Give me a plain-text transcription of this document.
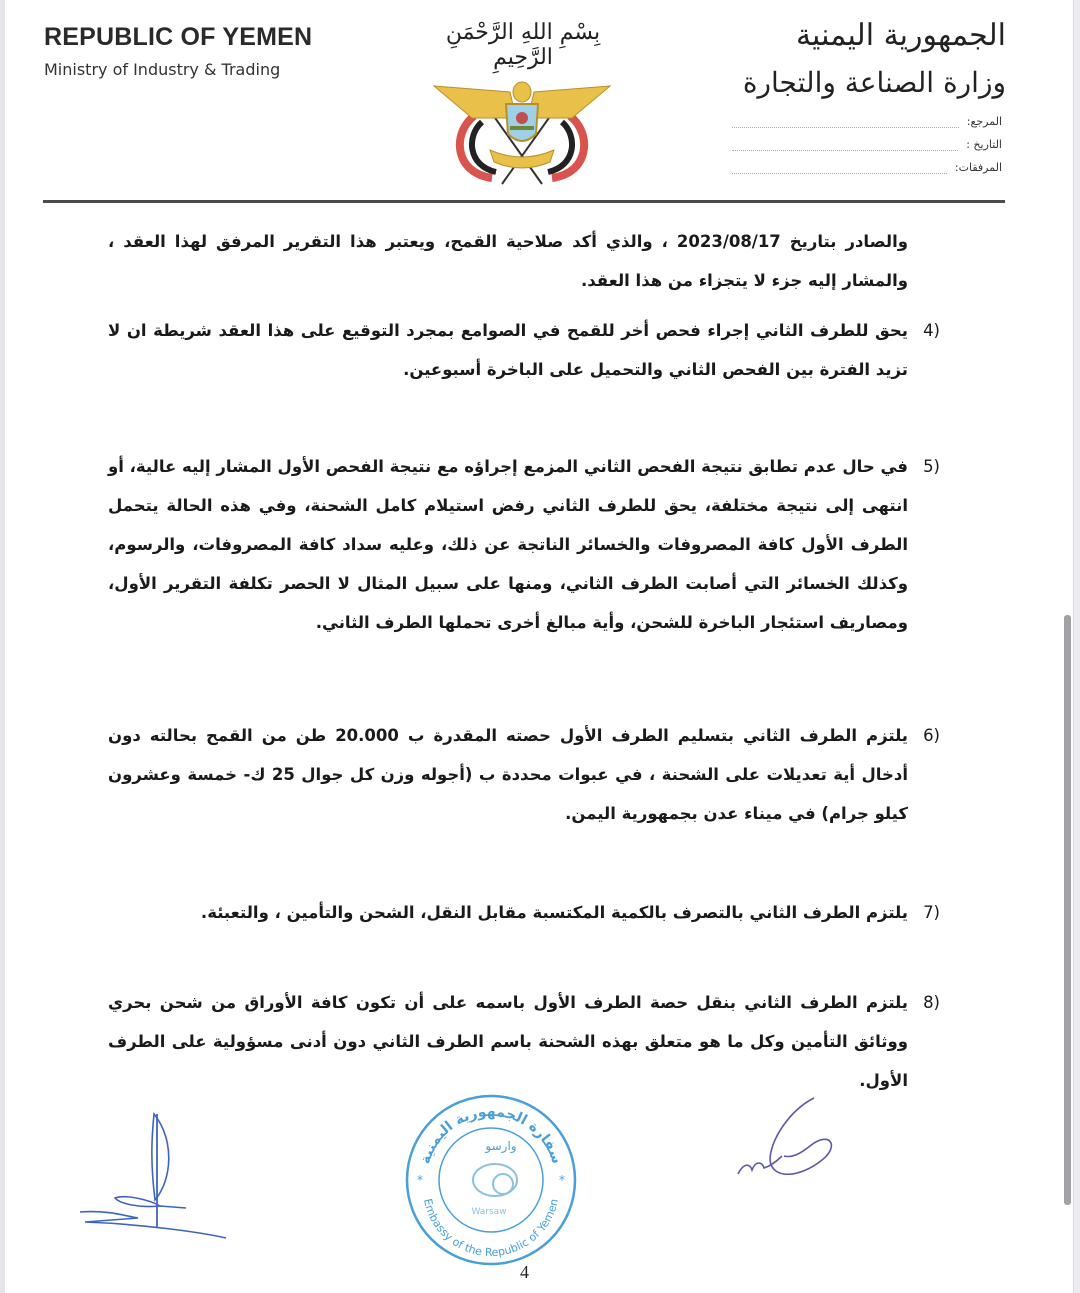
REPUBLIC OF YEMEN
Ministry of Industry & Trading
بِسْمِ اللهِ الرَّحْمَنِ الرَّحِيمِ
الجمهورية اليمنية
وزارة الصناعة والتجارة
المرجع:
التاريخ :
المرفقات:
والصادر بتاريخ 2023/08/17 ، والذي أكد صلاحية القمح، ويعتبر هذا التقرير المرفق لهذا العقد ، والمشار إليه جزء لا يتجزاء من هذا العقد.
4)
يحق للطرف الثاني إجراء فحص أخر للقمح في الصوامع بمجرد التوقيع على هذا العقد شريطة ان لا تزيد الفترة بين الفحص الثاني والتحميل على الباخرة أسبوعين.
5)
في حال عدم تطابق نتيجة الفحص الثاني المزمع إجراؤه مع نتيجة الفحص الأول المشار إليه عالية، أو انتهى إلى نتيجة مختلفة، يحق للطرف الثاني رفض استيلام كامل الشحنة، وفي هذه الحالة يتحمل الطرف الأول كافة المصروفات والخسائر الناتجة عن ذلك، وعليه سداد كافة المصروفات، والرسوم، وكذلك الخسائر التي أصابت الطرف الثاني، ومنها على سبيل المثال لا الحصر تكلفة التقرير الأول، ومصاريف استئجار الباخرة للشحن، وأية مبالغ أخرى تحملها الطرف الثاني.
6)
يلتزم الطرف الثاني بتسليم الطرف الأول حصته المقدرة ب 20.000 طن من القمح بحالته دون أدخال أية تعديلات على الشحنة ، في عبوات محددة ب (أجوله وزن كل جوال 25 ك- خمسة وعشرون كيلو جرام) في ميناء عدن بجمهورية اليمن.
7)
يلتزم الطرف الثاني بالتصرف بالكمية المكتسبة مقابل النقل، الشحن والتأمين ، والتعبئة.
8)
يلتزم الطرف الثاني بنقل حصة الطرف الأول باسمه على أن تكون كافة الأوراق من شحن بحري ووثائق التأمين وكل ما هو متعلق بهذه الشحنة باسم الطرف الثاني دون أدنى مسؤولية على الطرف الأول.
سفارة الجمهورية اليمنية
Embassy of the Republic of Yemen
وارسو
Warsaw
*	*
4
